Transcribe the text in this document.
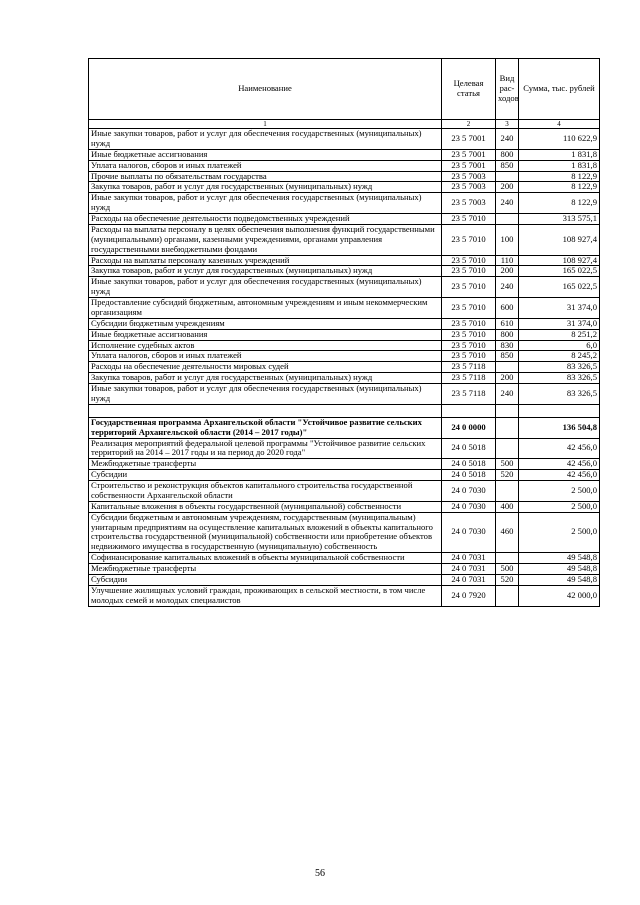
Наименование	Целевая статья	Вид рас-ходов	Сумма, тыс. рублей
1	2	3	4
Иные закупки товаров, работ и услуг для обеспечения государственных (муниципальных) нужд	23 5 7001	240	110 622,9
Иные бюджетные ассигнования	23 5 7001	800	1 831,8
Уплата налогов, сборов и иных платежей	23 5 7001	850	1 831,8
Прочие выплаты по обязательствам государства	23 5 7003		8 122,9
Закупка товаров, работ и услуг для государственных (муниципальных) нужд	23 5 7003	200	8 122,9
Иные закупки товаров, работ и услуг для обеспечения государственных (муниципальных) нужд	23 5 7003	240	8 122,9
Расходы на обеспечение деятельности подведомственных учреждений	23 5 7010		313 575,1
Расходы на выплаты персоналу в целях обеспечения выполнения функций государственными (муниципальными) органами, казенными учреждениями, органами управления государственными внебюджетными фондами	23 5 7010	100	108 927,4
Расходы на выплаты персоналу казенных учреждений	23 5 7010	110	108 927,4
Закупка товаров, работ и услуг для государственных (муниципальных) нужд	23 5 7010	200	165 022,5
Иные закупки товаров, работ и услуг для обеспечения государственных (муниципальных) нужд	23 5 7010	240	165 022,5
Предоставление субсидий бюджетным, автономным учреждениям и иным некоммерческим организациям	23 5 7010	600	31 374,0
Субсидии бюджетным учреждениям	23 5 7010	610	31 374,0
Иные бюджетные ассигнования	23 5 7010	800	8 251,2
Исполнение судебных актов	23 5 7010	830	6,0
Уплата налогов, сборов и иных платежей	23 5 7010	850	8 245,2
Расходы на обеспечение деятельности мировых судей	23 5 7118		83 326,5
Закупка товаров, работ и услуг для государственных (муниципальных) нужд	23 5 7118	200	83 326,5
Иные закупки товаров, работ и услуг для обеспечения государственных (муниципальных) нужд	23 5 7118	240	83 326,5

Государственная программа Архангельской области "Устойчивое развитие сельских территорий Архангельской области (2014 – 2017 годы)"	24 0 0000		136 504,8
Реализация мероприятий федеральной целевой программы "Устойчивое развитие сельских территорий на 2014 – 2017 годы и на период до 2020 года"	24 0 5018		42 456,0
Межбюджетные трансферты	24 0 5018	500	42 456,0
Субсидии	24 0 5018	520	42 456,0
Строительство и реконструкция объектов капитального строительства государственной собственности Архангельской области	24 0 7030		2 500,0
Капитальные вложения в объекты государственной (муниципальной) собственности	24 0 7030	400	2 500,0
Субсидии бюджетным и автономным учреждениям, государственным (муниципальным) унитарным предприятиям на осуществление капитальных вложений в объекты капитального строительства государственной (муниципальной) собственности или приобретение объектов недвижимого имущества в государственную (муниципальную) собственность	24 0 7030	460	2 500,0
Софинансирование капитальных вложений в объекты муниципальной собственности	24 0 7031		49 548,8
Межбюджетные трансферты	24 0 7031	500	49 548,8
Субсидии	24 0 7031	520	49 548,8
Улучшение жилищных условий граждан, проживающих в сельской местности, в том числе молодых семей и молодых специалистов	24 0 7920		42 000,0
56
